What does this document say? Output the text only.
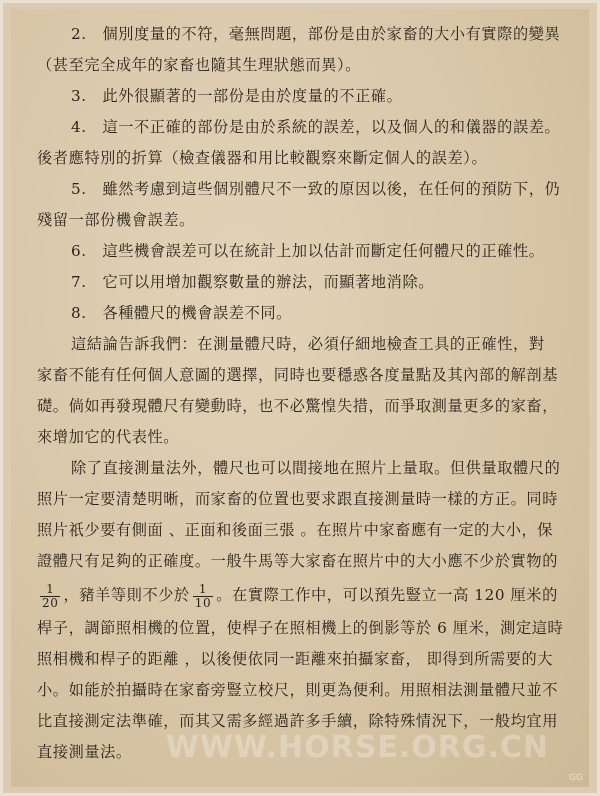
2.　個別度量的不符，毫無問題，部份是由於家畜的大小有實際的變異
（甚至完全成年的家畜也隨其生理狀態而異）。
3.　此外很顯著的一部份是由於度量的不正確。
4.　這一不正確的部份是由於系統的誤差，以及個人的和儀器的誤差。
後者應特別的折算（檢查儀器和用比較觀察來斷定個人的誤差）。
5.　雖然考慮到這些個別體尺不一致的原因以後，在任何的預防下，仍
殘留一部份機會誤差。
6.　這些機會誤差可以在統計上加以估計而斷定任何體尺的正確性。
7.　它可以用增加觀察數量的辦法，而顯著地消除。
8.　各種體尺的機會誤差不同。
這結論告訴我們：在測量體尺時，必須仔細地檢查工具的正確性，對
家畜不能有任何個人意圖的選擇，同時也要穩惑各度量點及其內部的解剖基
礎。倘如再發現體尺有變動時，也不必驚惶失措，而爭取測量更多的家畜，
來增加它的代表性。
除了直接測量法外，體尺也可以間接地在照片上量取。但供量取體尺的
照片一定要清楚明晰，而家畜的位置也要求跟直接測量時一樣的方正。同時
照片祇少要有側面 、正面和後面三張 。在照片中家畜應有一定的大小，保
證體尺有足夠的正確度。一般牛馬等大家畜在照片中的大小應不少於實物的
$\frac{1}{20}$ ，豬羊等則不少於 $\frac{1}{10}$ 。在實際工作中，可以預先豎立一高 120 厘米的
桿子，調節照相機的位置，使桿子在照相機上的倒影等於 6 厘米，測定這時
照相機和桿子的距離 ，以後便依同一距離來拍攝家畜， 即得到所需要的大
小。如能於拍攝時在家畜旁豎立校尺，則更為便利。用照相法測量體尺並不
比直接測定法準確，而其又需多經過許多手續，除特殊情況下，一般均宜用
直接測量法。	WWW.HORSE.ORG.CN
GG
